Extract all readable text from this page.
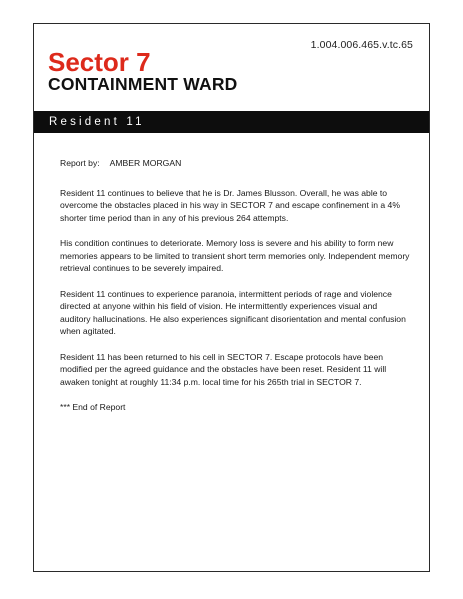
1.004.006.465.v.tc.65
Sector 7
CONTAINMENT WARD
Resident 11

Report by: AMBER MORGAN

Resident 11 continues to believe that he is Dr. James Blusson. Overall, he was able to overcome the obstacles placed in his way in SECTOR 7 and escape confinement in a 4% shorter time period than in any of his previous 264 attempts.

His condition continues to deteriorate. Memory loss is severe and his ability to form new memories appears to be limited to transient short term memories only. Independent memory retrieval continues to be severely impaired.

Resident 11 continues to experience paranoia, intermittent periods of rage and violence directed at anyone within his field of vision. He intermittently experiences visual and auditory hallucinations. He also experiences significant disorientation and mental confusion when agitated.

Resident 11 has been returned to his cell in SECTOR 7. Escape protocols have been modified per the agreed guidance and the obstacles have been reset. Resident 11 will awaken tonight at roughly 11:34 p.m. local time for his 265th trial in SECTOR 7.

*** End of Report
